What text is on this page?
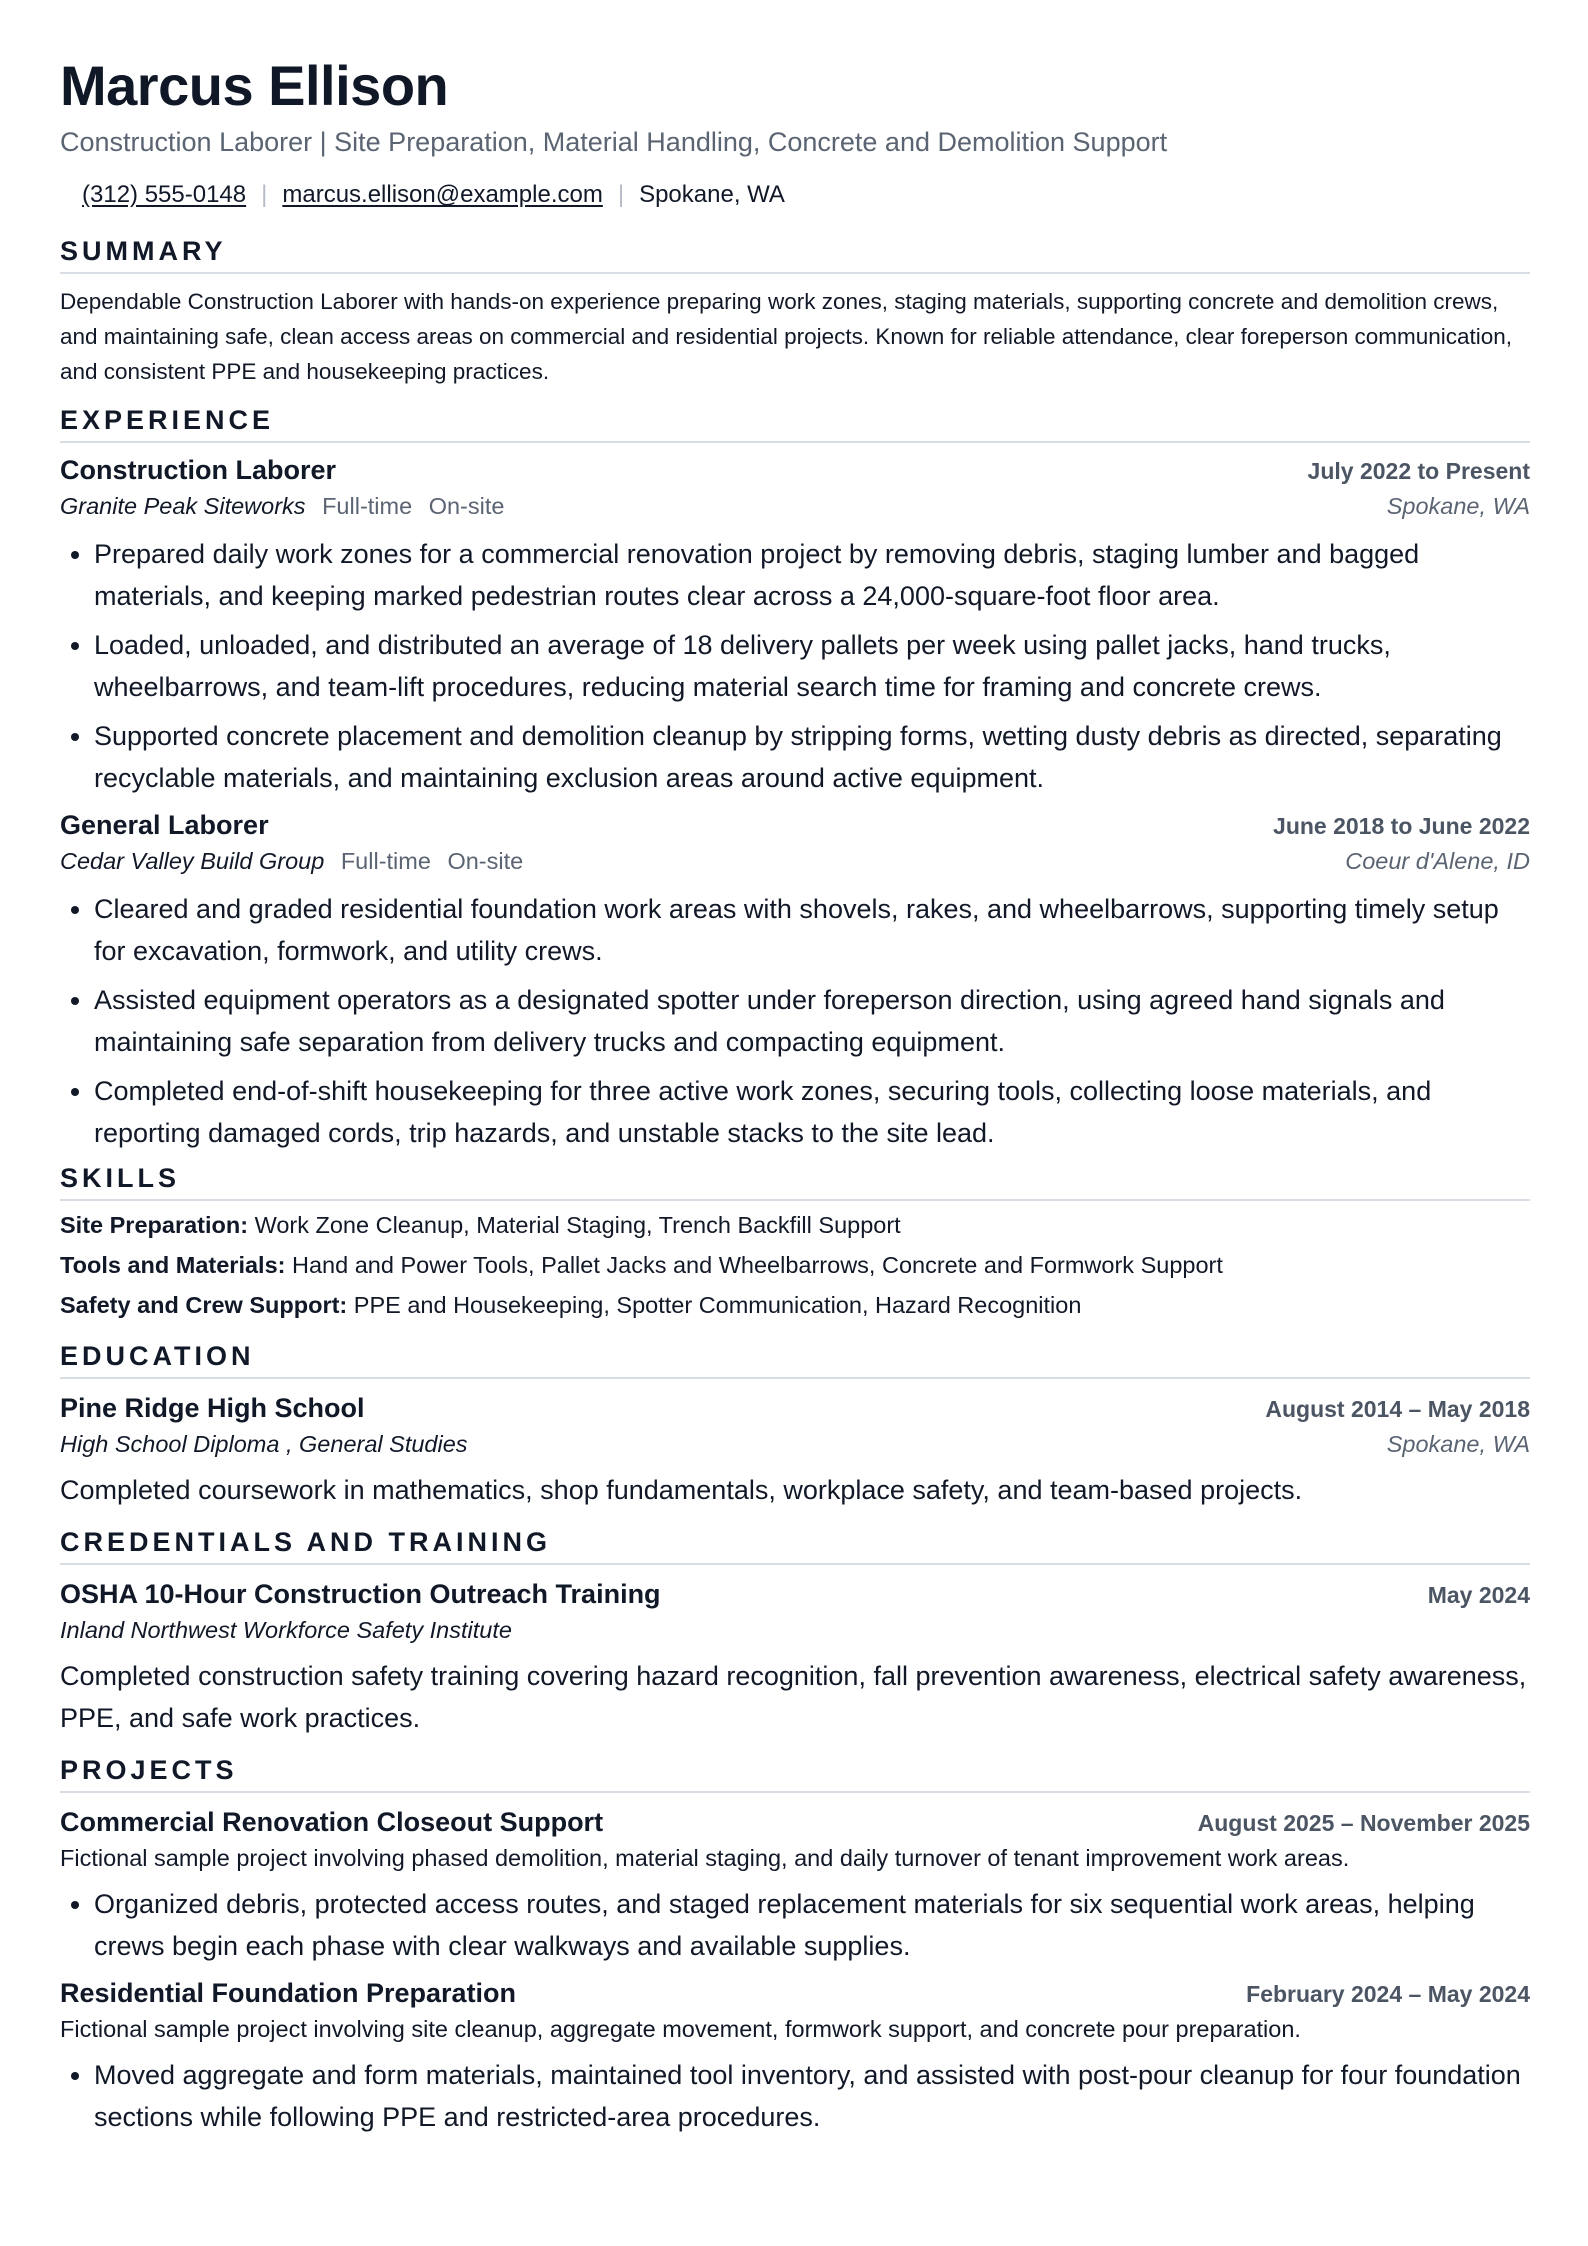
Marcus Ellison
Construction Laborer | Site Preparation, Material Handling, Concrete and Demolition Support
(312) 555-0148 | marcus.ellison@example.com | Spokane, WA
SUMMARY
Dependable Construction Laborer with hands-on experience preparing work zones, staging materials, supporting concrete and demolition crews, and maintaining safe, clean access areas on commercial and residential projects. Known for reliable attendance, clear foreperson communication, and consistent PPE and housekeeping practices.
EXPERIENCE
Construction Laborer	July 2022 to Present
Granite Peak Siteworks Full-time On-site	Spokane, WA
• Prepared daily work zones for a commercial renovation project by removing debris, staging lumber and bagged materials, and keeping marked pedestrian routes clear across a 24,000-square-foot floor area.
• Loaded, unloaded, and distributed an average of 18 delivery pallets per week using pallet jacks, hand trucks, wheelbarrows, and team-lift procedures, reducing material search time for framing and concrete crews.
• Supported concrete placement and demolition cleanup by stripping forms, wetting dusty debris as directed, separating recyclable materials, and maintaining exclusion areas around active equipment.
General Laborer	June 2018 to June 2022
Cedar Valley Build Group Full-time On-site	Coeur d'Alene, ID
• Cleared and graded residential foundation work areas with shovels, rakes, and wheelbarrows, supporting timely setup for excavation, formwork, and utility crews.
• Assisted equipment operators as a designated spotter under foreperson direction, using agreed hand signals and maintaining safe separation from delivery trucks and compacting equipment.
• Completed end-of-shift housekeeping for three active work zones, securing tools, collecting loose materials, and reporting damaged cords, trip hazards, and unstable stacks to the site lead.
SKILLS
Site Preparation: Work Zone Cleanup, Material Staging, Trench Backfill Support
Tools and Materials: Hand and Power Tools, Pallet Jacks and Wheelbarrows, Concrete and Formwork Support
Safety and Crew Support: PPE and Housekeeping, Spotter Communication, Hazard Recognition
EDUCATION
Pine Ridge High School	August 2014 – May 2018
High School Diploma , General Studies	Spokane, WA
Completed coursework in mathematics, shop fundamentals, workplace safety, and team-based projects.
CREDENTIALS AND TRAINING
OSHA 10-Hour Construction Outreach Training	May 2024
Inland Northwest Workforce Safety Institute
Completed construction safety training covering hazard recognition, fall prevention awareness, electrical safety awareness, PPE, and safe work practices.
PROJECTS
Commercial Renovation Closeout Support	August 2025 – November 2025
Fictional sample project involving phased demolition, material staging, and daily turnover of tenant improvement work areas.
• Organized debris, protected access routes, and staged replacement materials for six sequential work areas, helping crews begin each phase with clear walkways and available supplies.
Residential Foundation Preparation	February 2024 – May 2024
Fictional sample project involving site cleanup, aggregate movement, formwork support, and concrete pour preparation.
• Moved aggregate and form materials, maintained tool inventory, and assisted with post-pour cleanup for four foundation sections while following PPE and restricted-area procedures.
